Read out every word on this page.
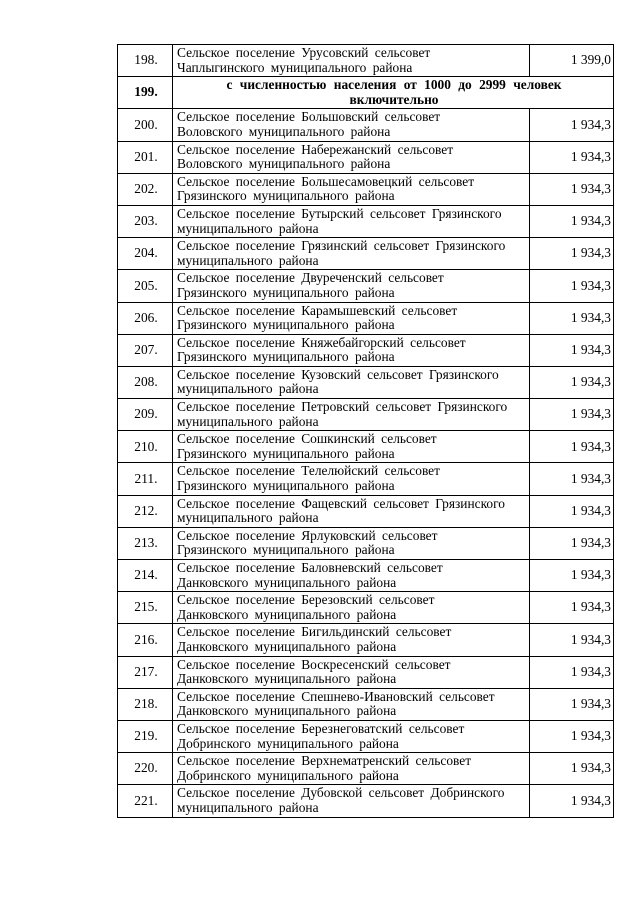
198.	Сельское поселение Урусовский сельсовет
Чаплыгинского муниципального района	1 399,0
199.	с численностью населения от 1000 до 2999 человек
включительно	

200.	Сельское поселение Большовский сельсовет
Воловского муниципального района	1 934,3
201.	Сельское поселение Набережанский сельсовет
Воловского муниципального района	1 934,3
202.	Сельское поселение Большесамовецкий сельсовет
Грязинского муниципального района	1 934,3
203.	Сельское поселение Бутырский сельсовет Грязинского
муниципального района	1 934,3
204.	Сельское поселение Грязинский сельсовет Грязинского
муниципального района	1 934,3
205.	Сельское поселение Двуреченский сельсовет
Грязинского муниципального района	1 934,3
206.	Сельское поселение Карамышевский сельсовет
Грязинского муниципального района	1 934,3
207.	Сельское поселение Княжебайгорский сельсовет
Грязинского муниципального района	1 934,3
208.	Сельское поселение Кузовский сельсовет Грязинского
муниципального района	1 934,3
209.	Сельское поселение Петровский сельсовет Грязинского
муниципального района	1 934,3
210.	Сельское поселение Сошкинский сельсовет
Грязинского муниципального района	1 934,3
211.	Сельское поселение Телелюйский сельсовет
Грязинского муниципального района	1 934,3
212.	Сельское поселение Фащевский сельсовет Грязинского
муниципального района	1 934,3
213.	Сельское поселение Ярлуковский сельсовет
Грязинского муниципального района	1 934,3
214.	Сельское поселение Баловневский сельсовет
Данковского муниципального района	1 934,3
215.	Сельское поселение Березовский сельсовет
Данковского муниципального района	1 934,3
216.	Сельское поселение Бигильдинский сельсовет
Данковского муниципального района	1 934,3
217.	Сельское поселение Воскресенский сельсовет
Данковского муниципального района	1 934,3
218.	Сельское поселение Спешнево-Ивановский сельсовет
Данковского муниципального района	1 934,3
219.	Сельское поселение Березнеговатский сельсовет
Добринского муниципального района	1 934,3
220.	Сельское поселение Верхнематренский сельсовет
Добринского муниципального района	1 934,3
221.	Сельское поселение Дубовской сельсовет Добринского
муниципального района	1 934,3
